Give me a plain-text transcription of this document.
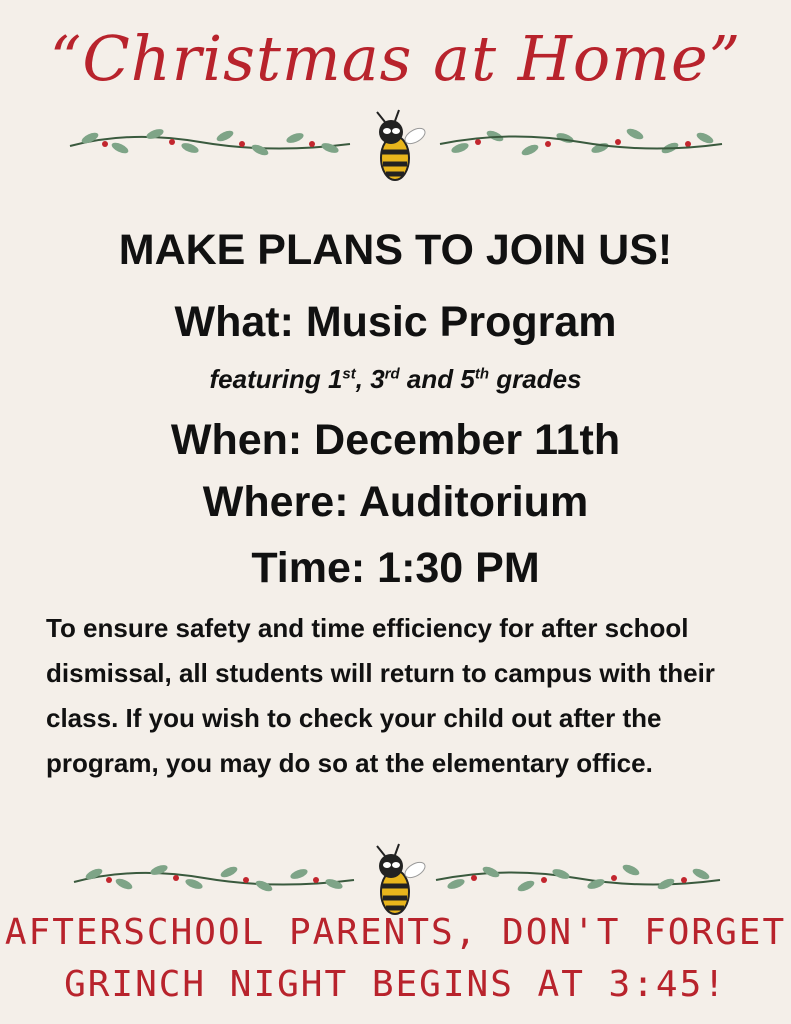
“Christmas at Home”
MAKE PLANS TO JOIN US!
What: Music Program
featuring 1st, 3rd and 5th grades
When: December 11th
Where: Auditorium
Time: 1:30 PM
To ensure safety and time efficiency for after school dismissal, all students will return to campus with their class. If you wish to check your child out after the program, you may do so at the elementary office.
AFTERSCHOOL PARENTS, DON'T FORGET
GRINCH NIGHT BEGINS AT 3:45!
